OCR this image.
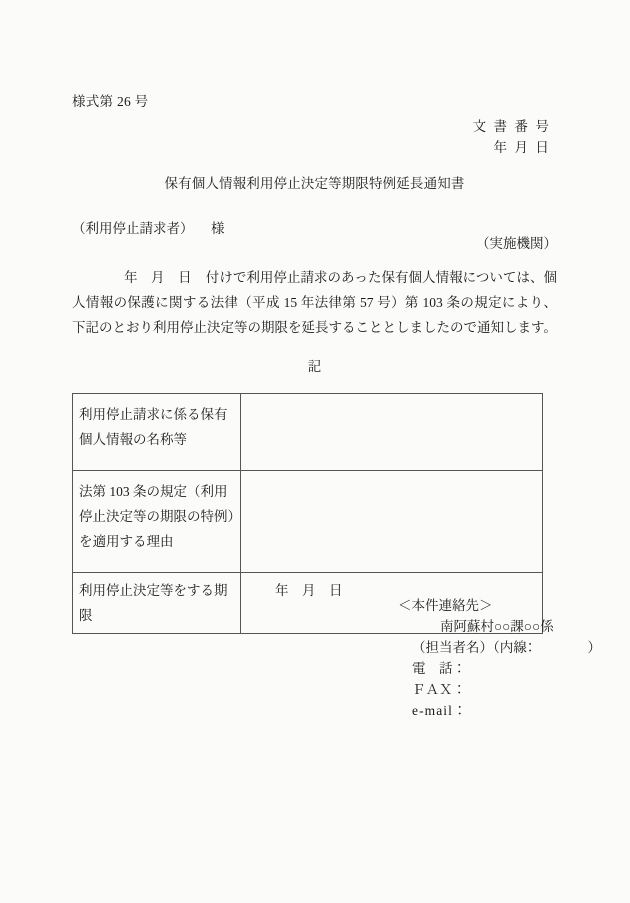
様式第 26 号
文書番号
年月日
保有個人情報利用停止決定等期限特例延長通知書
（利用停止請求者） 様
（実施機関）
年　月　日 付けで利用停止請求のあった保有個人情報については、個人情報の保護に関する法律（平成 15 年法律第 57 号）第 103 条の規定により、下記のとおり利用停止決定等の期限を延長することとしましたので通知します。
記
利用停止請求に係る保有個人情報の名称等	
法第 103 条の規定（利用停止決定等の期限の特例）を適用する理由	
利用停止決定等をする期限	年　月　日
＜本件連絡先＞
南阿蘇村○○課○○係
（担当者名）（内線：　　　　）
電　話：
ＦＡＸ：
e-mail：
